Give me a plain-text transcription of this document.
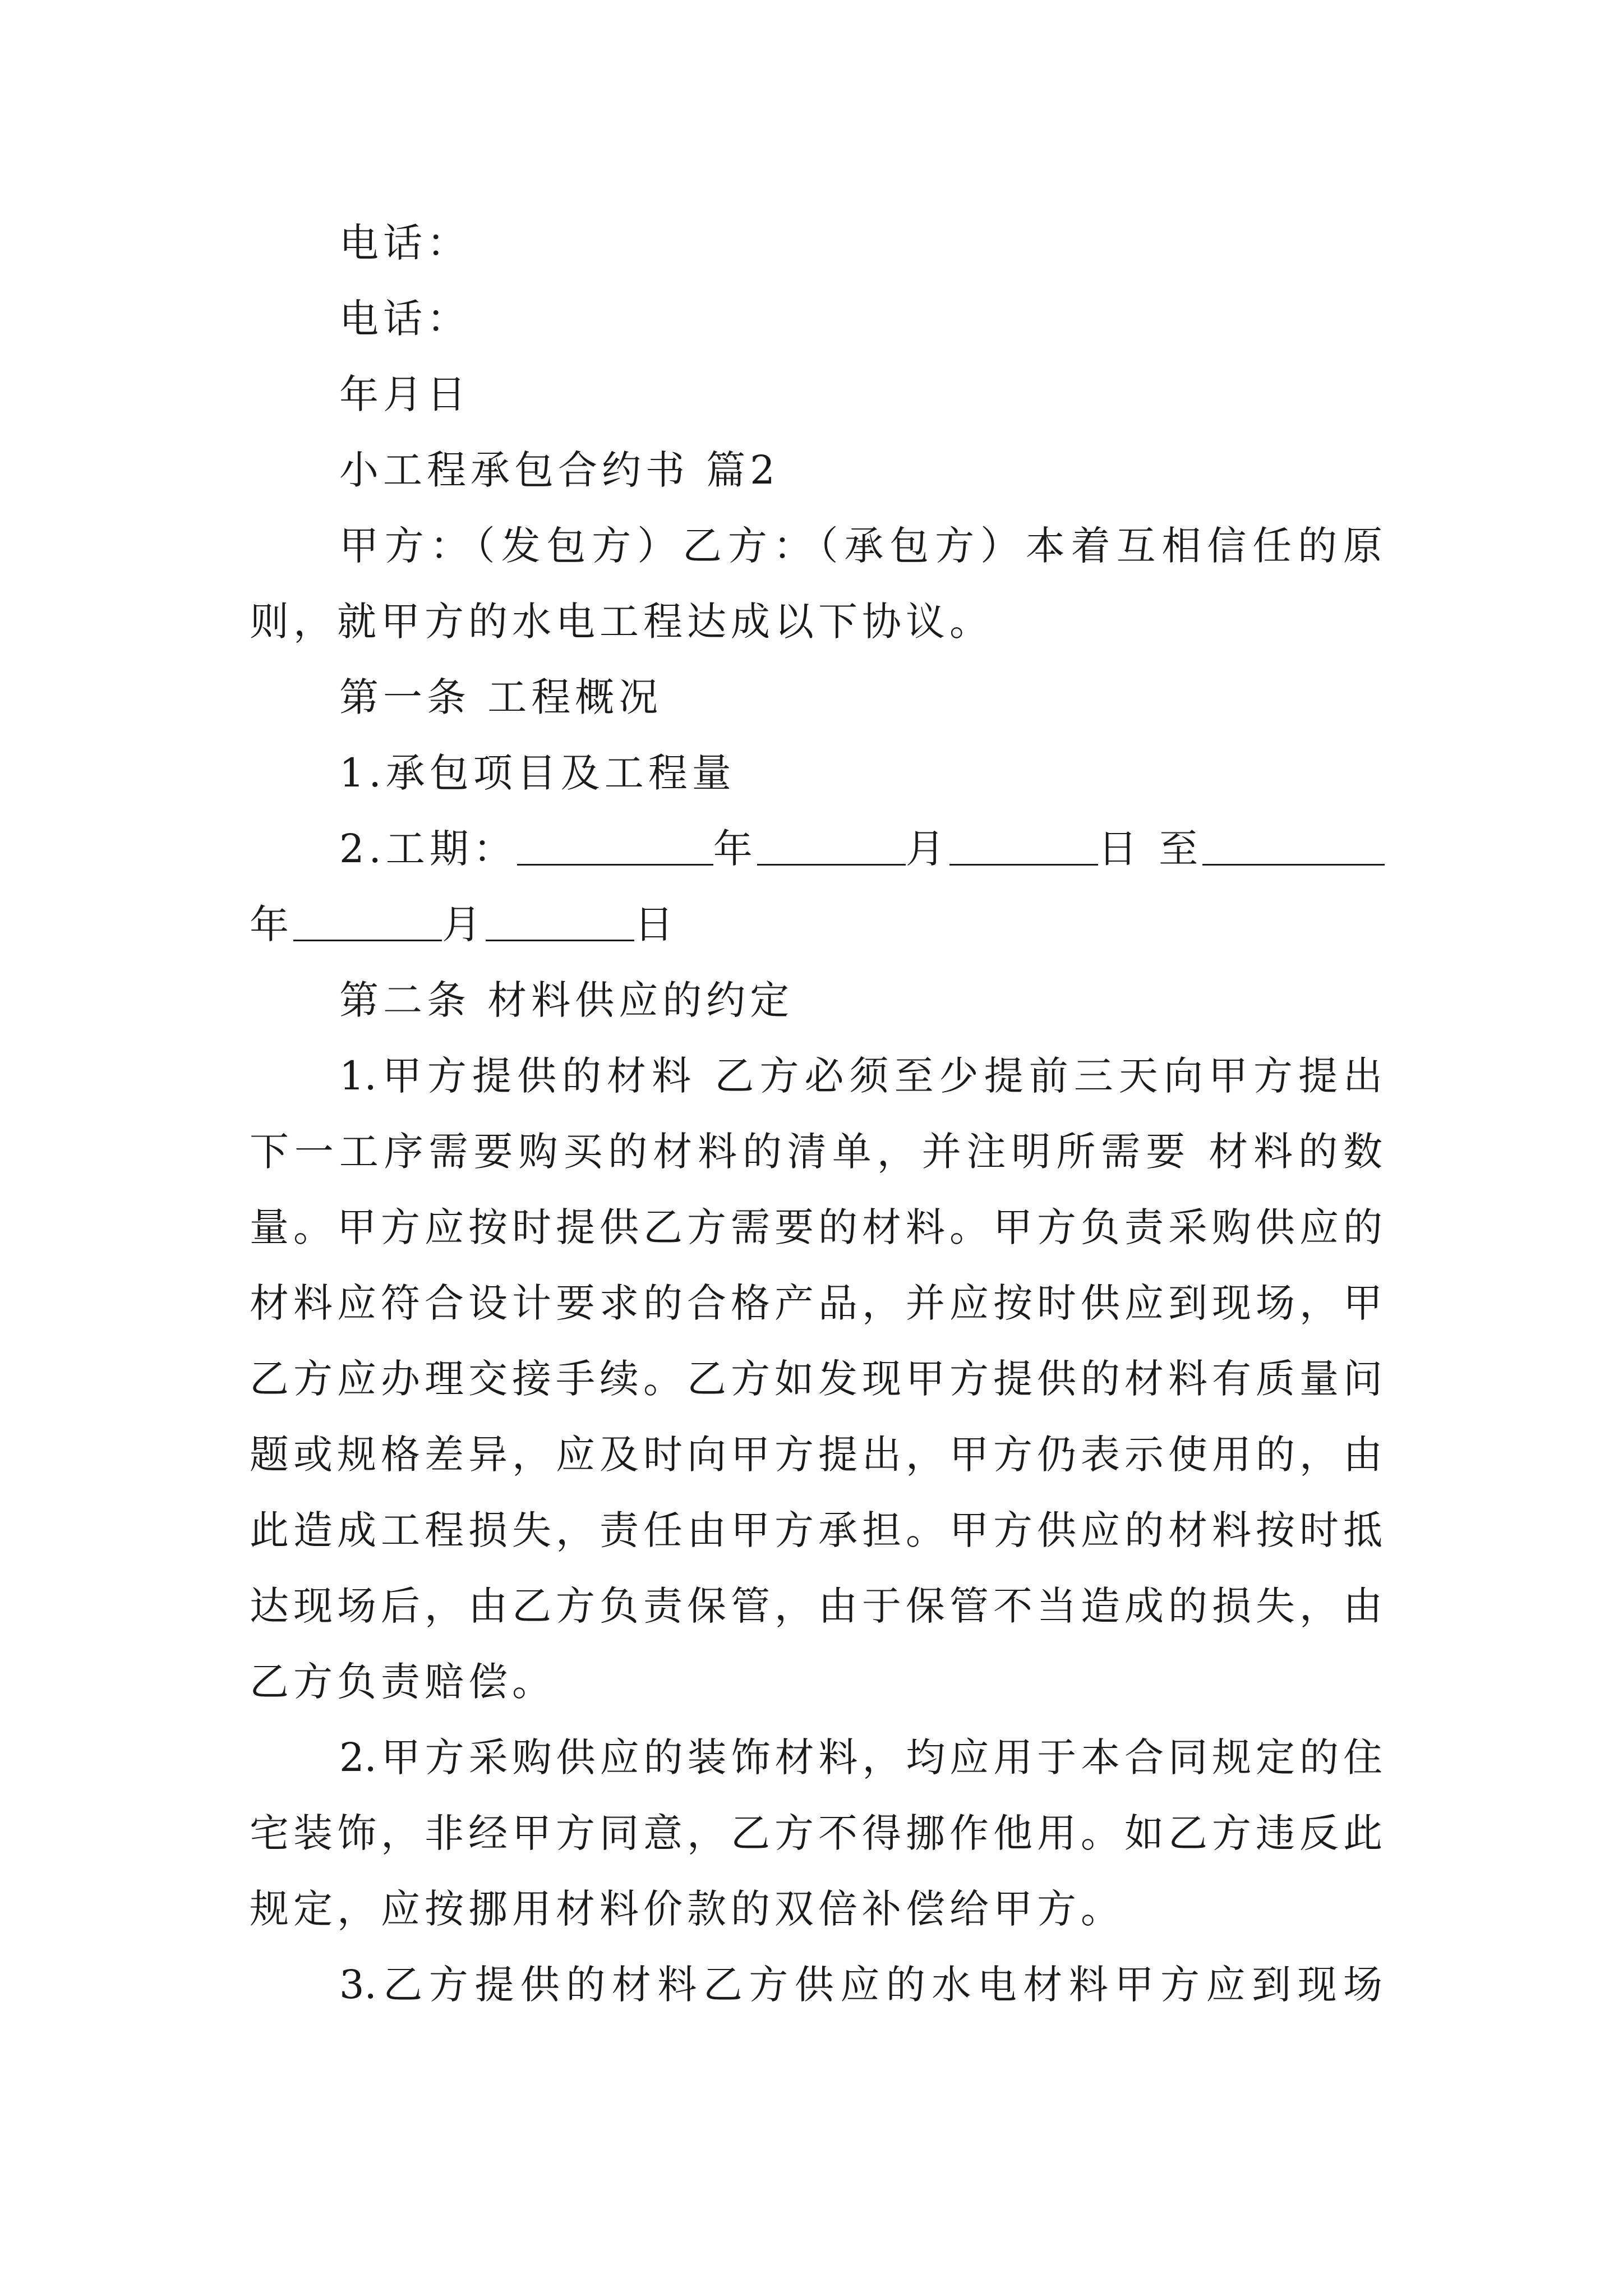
电话：
电话：
年月日
小工程承包合约书 篇2
甲方：（发包方）乙方：（承包方）本着互相信任的原
则，就甲方的水电工程达成以下协议。
第一条 工程概况
1.承包项目及工程量
2.工期：	年	月	日 至
年	月	日
第二条 材料供应的约定
1.甲方提供的材料 乙方必须至少提前三天向甲方提出
下一工序需要购买的材料的清单，并注明所需要 材料的数
量。甲方应按时提供乙方需要的材料。甲方负责采购供应的
材料应符合设计要求的合格产品，并应按时供应到现场，甲
乙方应办理交接手续。乙方如发现甲方提供的材料有质量问
题或规格差异，应及时向甲方提出，甲方仍表示使用的，由
此造成工程损失，责任由甲方承担。甲方供应的材料按时抵
达现场后，由乙方负责保管，由于保管不当造成的损失，由
乙方负责赔偿。
2.甲方采购供应的装饰材料，均应用于本合同规定的住
宅装饰，非经甲方同意，乙方不得挪作他用。如乙方违反此
规定，应按挪用材料价款的双倍补偿给甲方。
3.乙方提供的材料乙方供应的水电材料甲方应到现场
